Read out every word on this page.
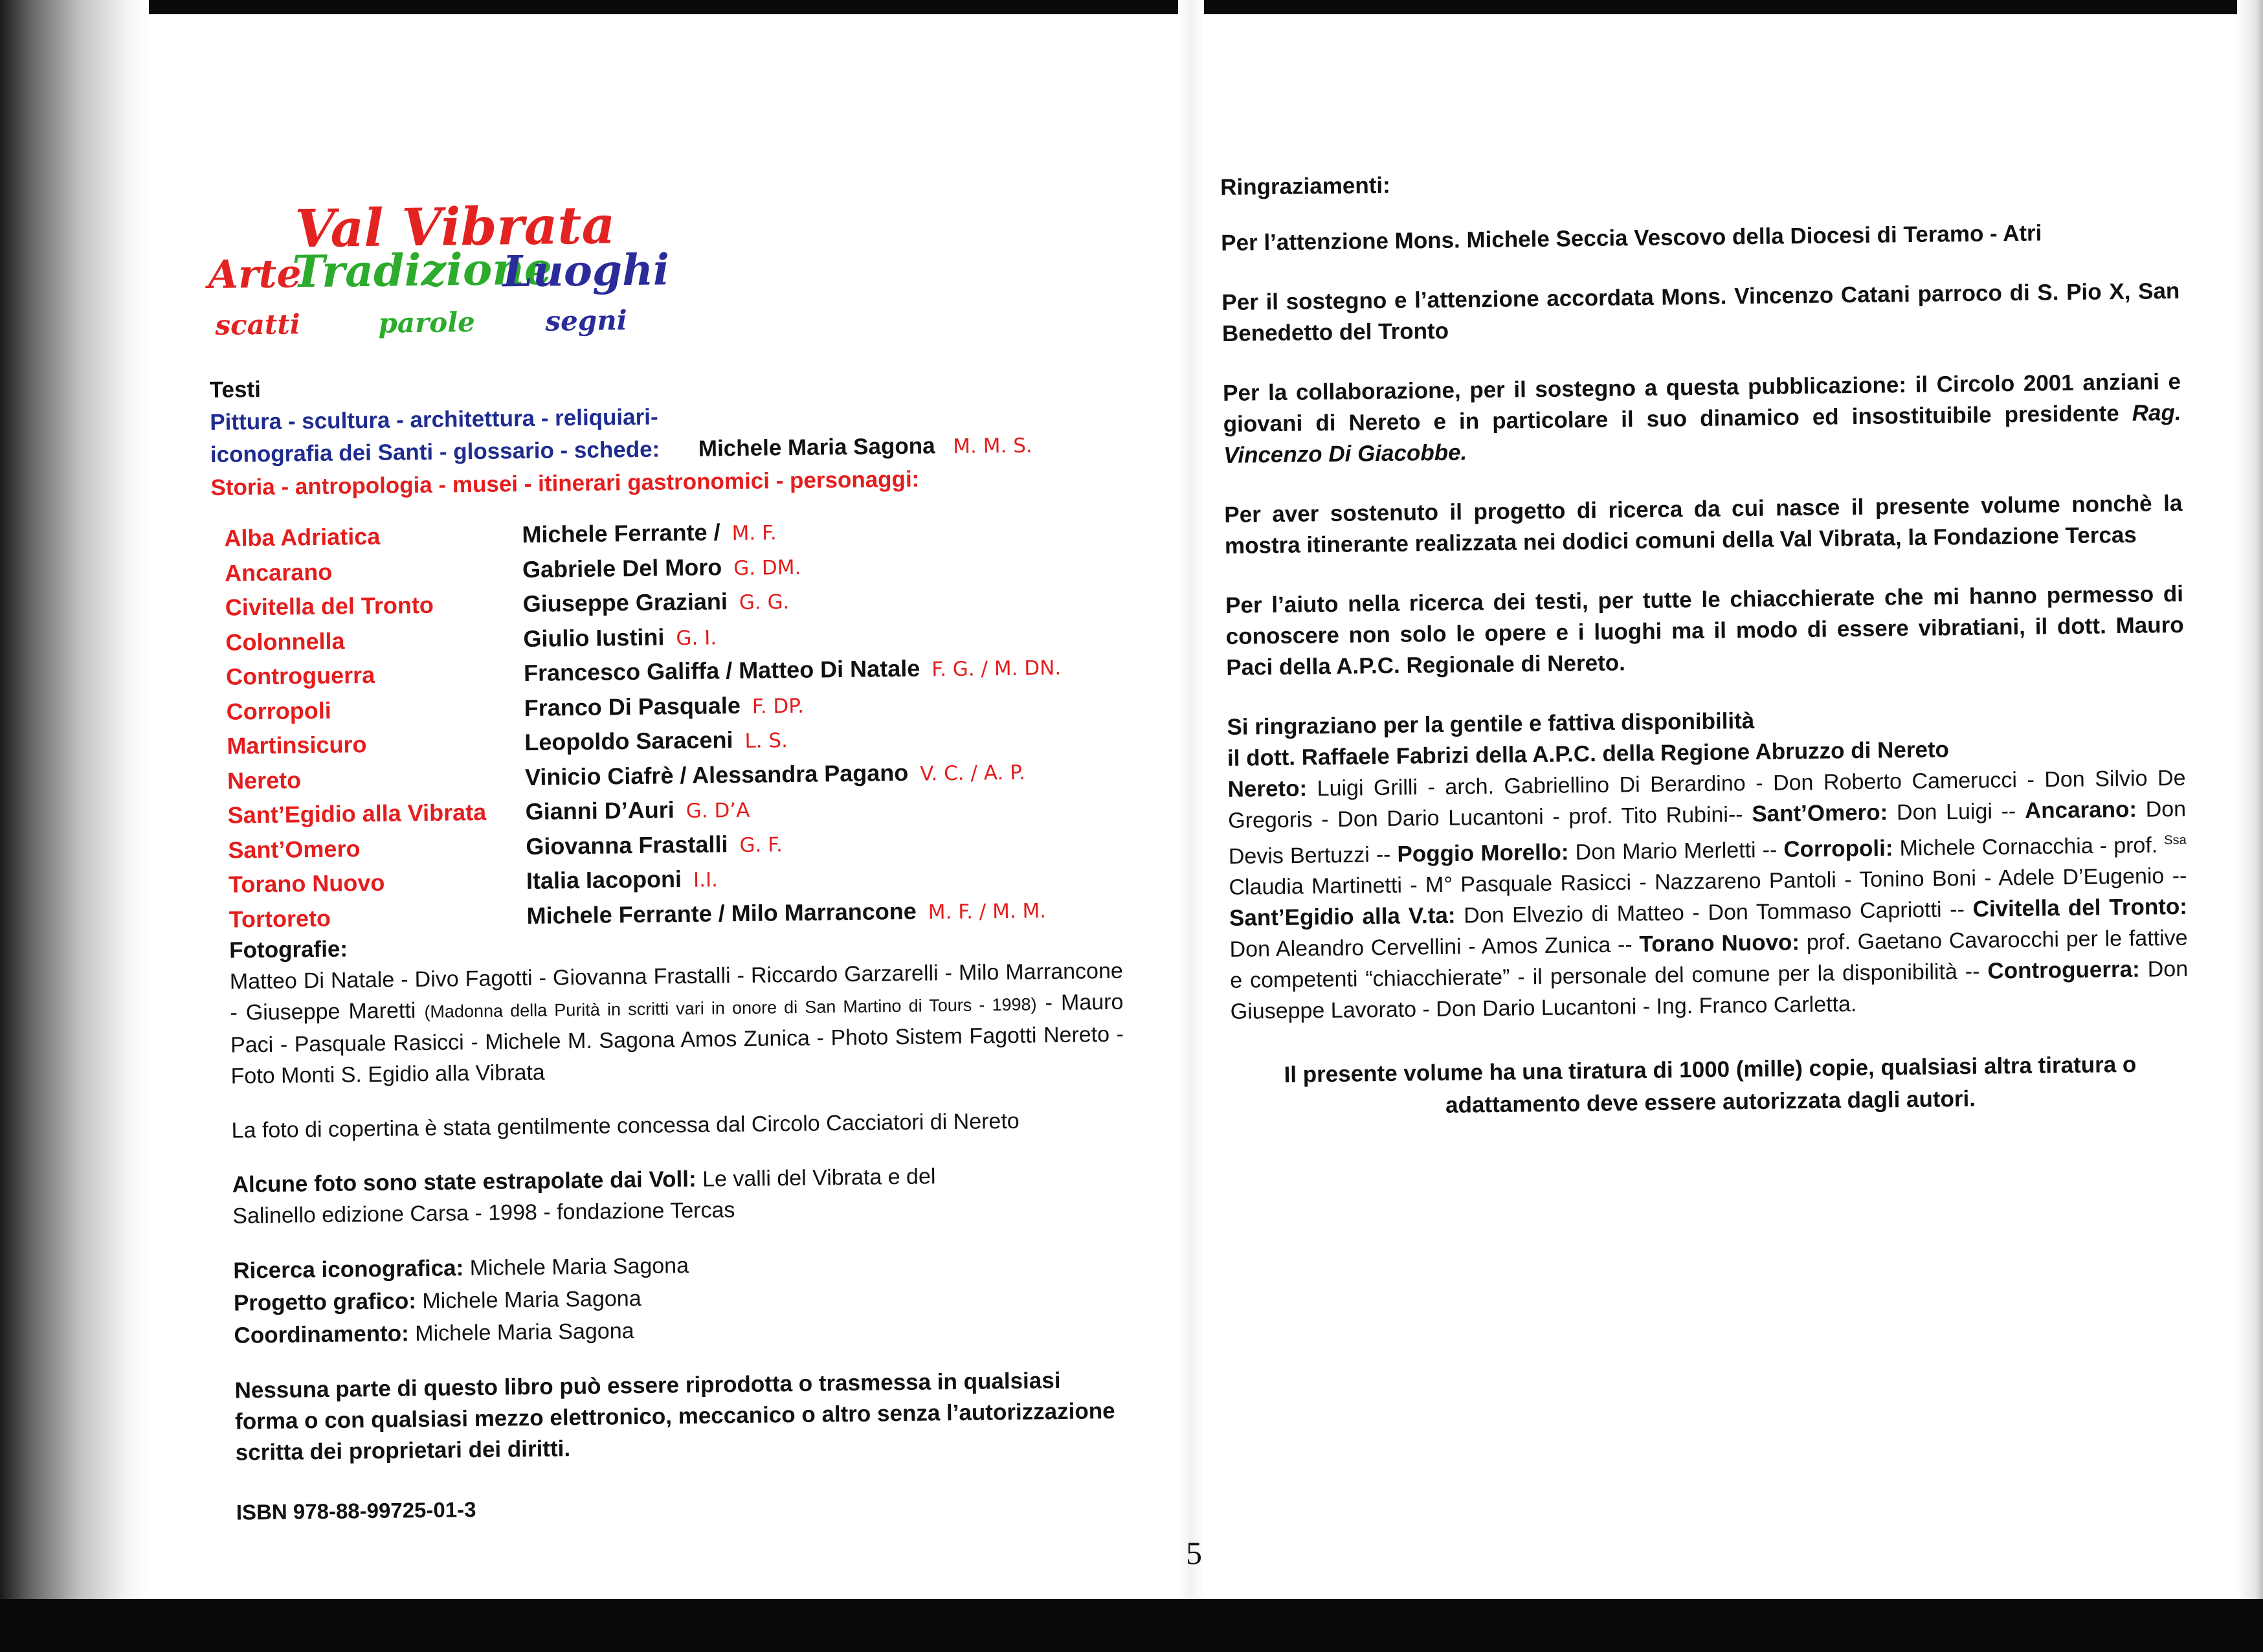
Val Vibrata
Arte
Tradizione
Luoghi
scatti	parole	segni
Testi
Pittura - scultura - architettura - reliquiari-
iconografia dei Santi - glossario - schede: Michele Maria Sagona M. M. S.
Storia - antropologia - musei - itinerari gastronomici - personaggi:
Alba Adriatica
Ancarano
Civitella del Tronto
Colonnella
Controguerra
Corropoli
Martinsicuro
Nereto
Sant’Egidio alla Vibrata
Sant’Omero
Torano Nuovo
Tortoreto
Michele Ferrante / M. F.
Gabriele Del Moro G. DM.
Giuseppe Graziani G. G.
Giulio Iustini G. I.
Francesco Galiffa / Matteo Di Natale F. G. / M. DN.
Franco Di Pasquale F. DP.
Leopoldo Saraceni L. S.
Vinicio Ciafrè / Alessandra Pagano V. C. / A. P.
Gianni D’Auri G. D’A
Giovanna Frastalli G. F.
Italia Iacoponi I.I.
Michele Ferrante / Milo Marrancone M. F. / M. M.
Fotografie:
Matteo Di Natale - Divo Fagotti - Giovanna Frastalli - Riccardo Garzarelli - Milo Marrancone - Giuseppe Maretti (Madonna della Purità in scritti vari in onore di San Martino di Tours - 1998) - Mauro Paci - Pasquale Rasicci - Michele M. Sagona Amos Zunica - Photo Sistem Fagotti Nereto - Foto Monti S. Egidio alla Vibrata
La foto di copertina è stata gentilmente concessa dal Circolo Cacciatori di Nereto
Alcune foto sono state estrapolate dai Voll: Le valli del Vibrata e del Salinello edizione Carsa - 1998 - fondazione Tercas
Ricerca iconografica: Michele Maria Sagona
Progetto grafico: Michele Maria Sagona
Coordinamento: Michele Maria Sagona
Nessuna parte di questo libro può essere riprodotta o trasmessa in qualsiasi forma o con qualsiasi mezzo elettronico, meccanico o altro senza l’autorizzazione scritta dei proprietari dei diritti.
ISBN 978-88-99725-01-3
Ringraziamenti:
Per l’attenzione Mons. Michele Seccia Vescovo della Diocesi di Teramo - Atri
Per il sostegno e l’attenzione accordata Mons. Vincenzo Catani parroco di S. Pio X, San Benedetto del Tronto
Per la collaborazione, per il sostegno a questa pubblicazione: il Circolo 2001 anziani e giovani di Nereto e in particolare il suo dinamico ed insostituibile presidente Rag. Vincenzo Di Giacobbe.
Per aver sostenuto il progetto di ricerca da cui nasce il presente volume nonchè la mostra itinerante realizzata nei dodici comuni della Val Vibrata, la Fondazione Tercas
Per l’aiuto nella ricerca dei testi, per tutte le chiacchierate che mi hanno permesso di conoscere non solo le opere e i luoghi ma il modo di essere vibratiani, il dott. Mauro Paci della A.P.C. Regionale di Nereto.
Si ringraziano per la gentile e fattiva disponibilità
il dott. Raffaele Fabrizi della A.P.C. della Regione Abruzzo di Nereto
Nereto: Luigi Grilli - arch. Gabriellino Di Berardino - Don Roberto Camerucci - Don Silvio De Gregoris - Don Dario Lucantoni - prof. Tito Rubini-- Sant’Omero: Don Luigi -- Ancarano: Don Devis Bertuzzi -- Poggio Morello: Don Mario Merletti -- Corropoli: Michele Cornacchia - prof. $^{Ssa}$ Claudia Martinetti - M° Pasquale Rasicci - Nazzareno Pantoli - Tonino Boni - Adele D’Eugenio -- Sant’Egidio alla V.ta: Don Elvezio di Matteo - Don Tommaso Capriotti -- Civitella del Tronto: Don Aleandro Cervellini - Amos Zunica -- Torano Nuovo: prof. Gaetano Cavarocchi per le fattive e competenti “chiacchierate” - il personale del comune per la disponibilità -- Controguerra: Don Giuseppe Lavorato - Don Dario Lucantoni - Ing. Franco Carletta.
Il presente volume ha una tiratura di 1000 (mille) copie, qualsiasi altra tiratura o adattamento deve essere autorizzata dagli autori.
5
